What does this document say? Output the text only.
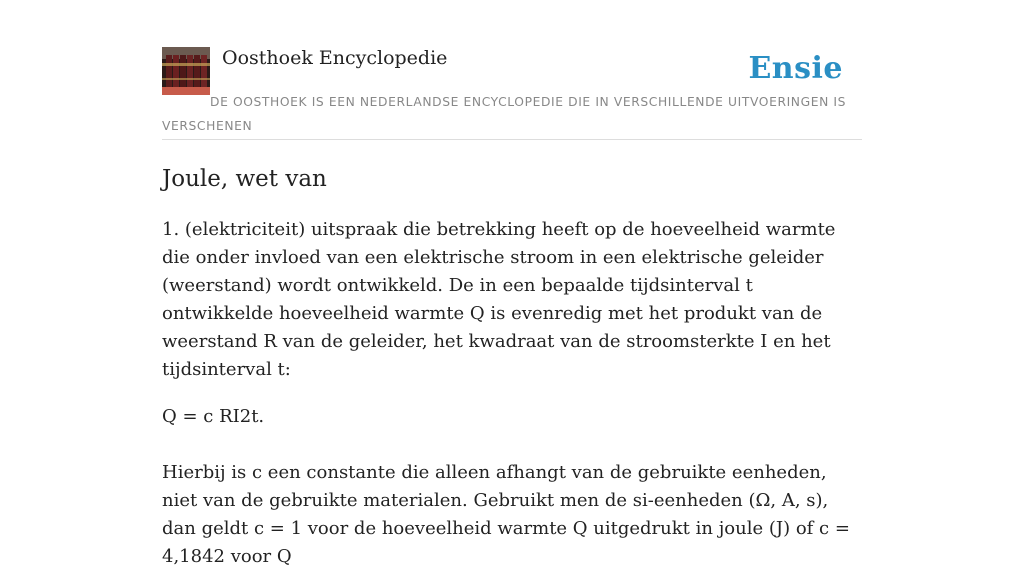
Oosthoek Encyclopedie	Ensie

DE OOSTHOEK IS EEN NEDERLANDSE ENCYCLOPEDIE DIE IN VERSCHILLENDE UITVOERINGEN IS VERSCHENEN

Joule, wet van

1. (elektriciteit) uitspraak die betrekking heeft op de hoeveelheid warmte die onder invloed van een elektrische stroom in een elektrische geleider (weerstand) wordt ontwikkeld. De in een bepaalde tijdsinterval t ontwikkelde hoeveelheid warmte Q is evenredig met het produkt van de weerstand R van de geleider, het kwadraat van de stroomsterkte I en het tijdsinterval t:

Q = c RI2t.

Hierbij is c een constante die alleen afhangt van de gebruikte eenheden, niet van de gebruikte materialen. Gebruikt men de si-eenheden (Ω, A, s), dan geldt c = 1 voor de hoeveelheid warmte Q uitgedrukt in joule (J) of c = 4,1842 voor Q
